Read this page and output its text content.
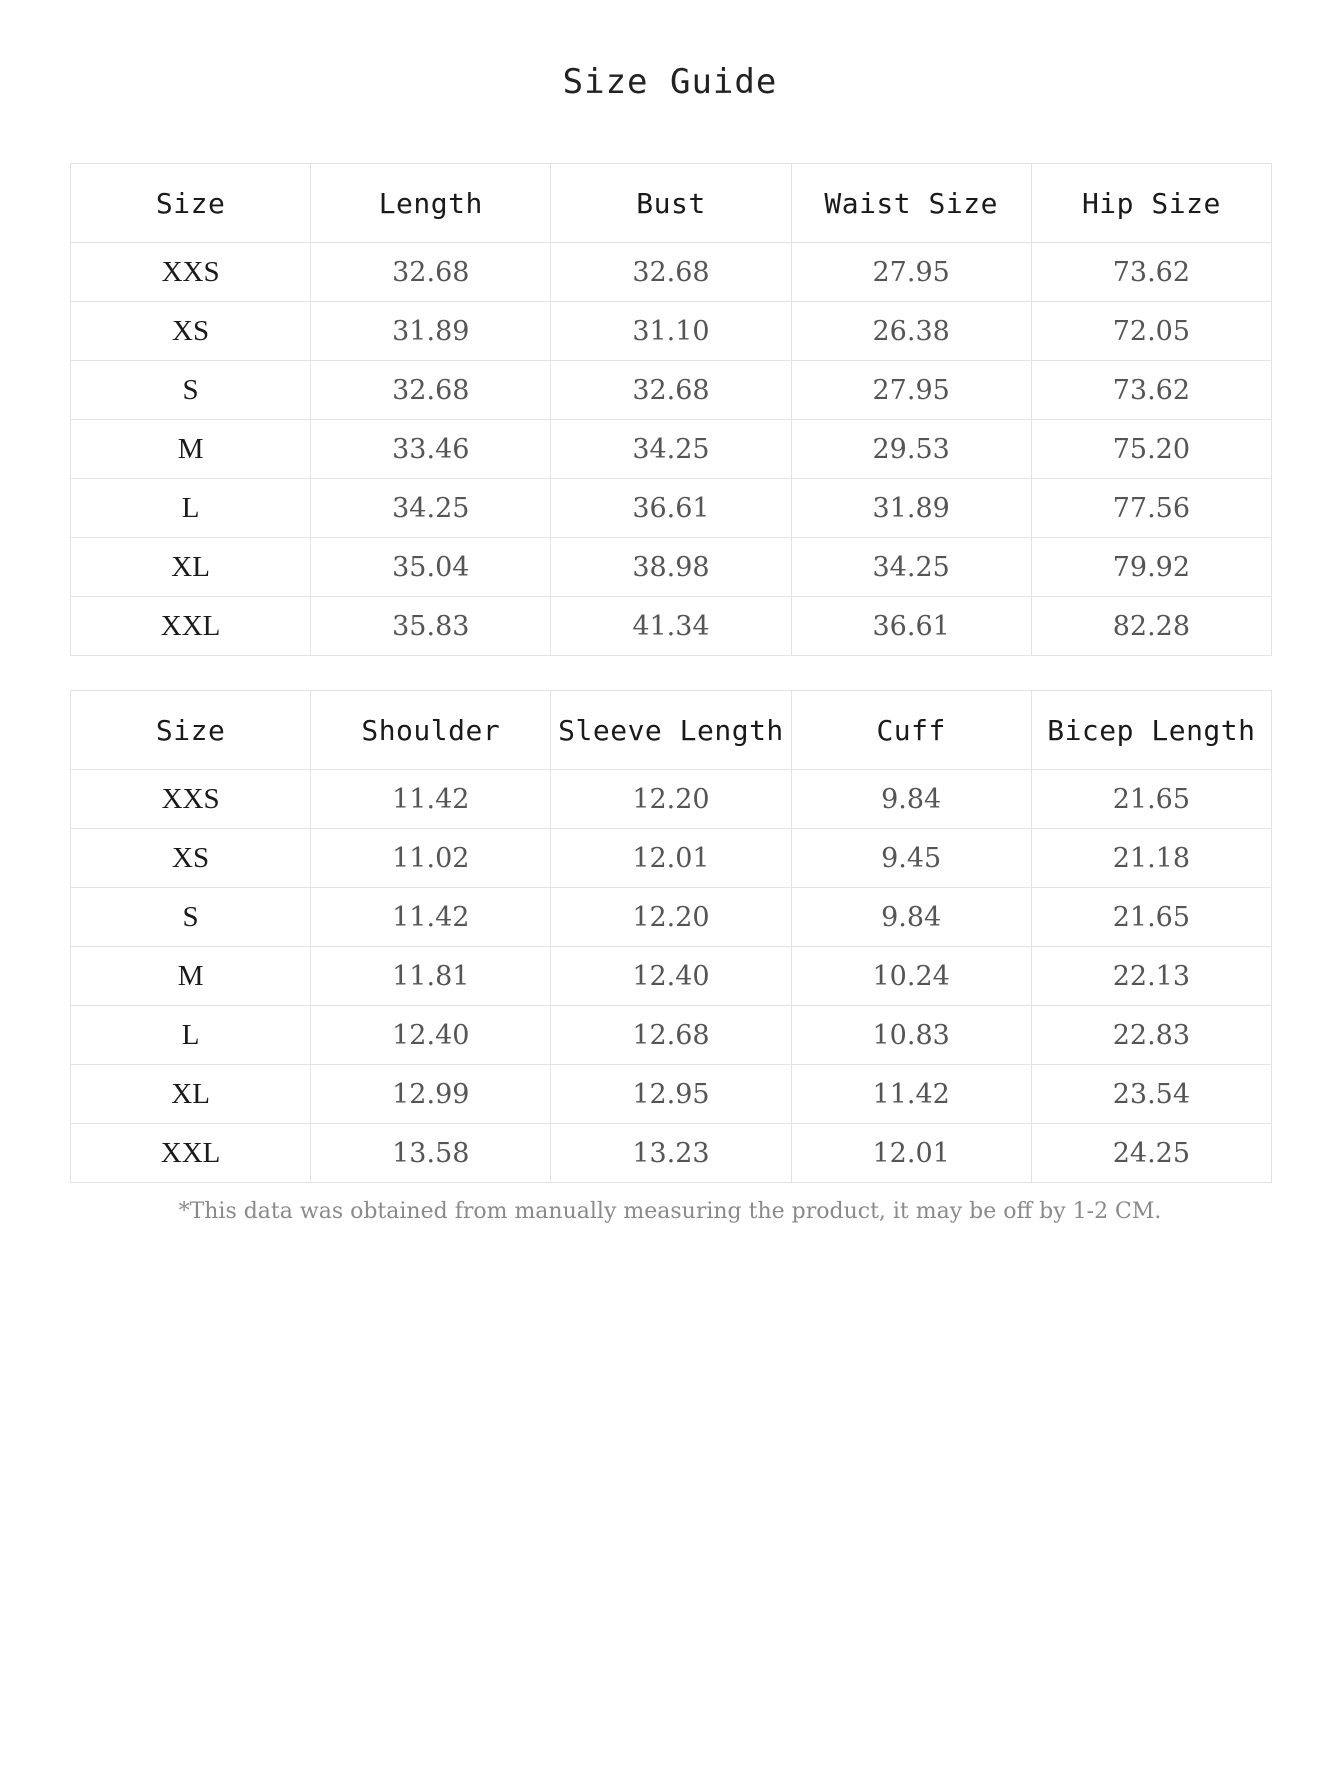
Size Guide
Size	Length	Bust	Waist Size	Hip Size
XXS	32.68	32.68	27.95	73.62
XS	31.89	31.10	26.38	72.05
S	32.68	32.68	27.95	73.62
M	33.46	34.25	29.53	75.20
L	34.25	36.61	31.89	77.56
XL	35.04	38.98	34.25	79.92
XXL	35.83	41.34	36.61	82.28
Size	Shoulder	Sleeve Length	Cuff	Bicep Length
XXS	11.42	12.20	9.84	21.65
XS	11.02	12.01	9.45	21.18
S	11.42	12.20	9.84	21.65
M	11.81	12.40	10.24	22.13
L	12.40	12.68	10.83	22.83
XL	12.99	12.95	11.42	23.54
XXL	13.58	13.23	12.01	24.25

*This data was obtained from manually measuring the product, it may be off by 1-2 CM.
